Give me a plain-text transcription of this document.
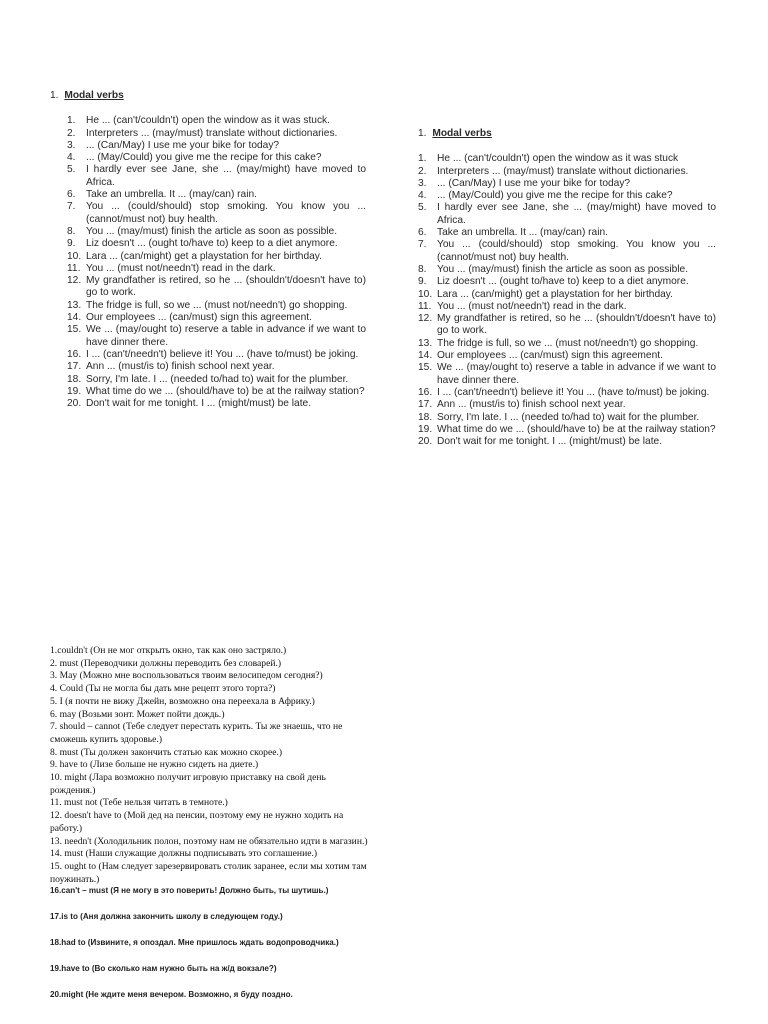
1. Modal verbs
1. He ... (can't/couldn't) open the window as it was stuck.
2. Interpreters ... (may/must) translate without dictionaries.
3. ... (Can/May) I use me your bike for today?
4. ... (May/Could) you give me the recipe for this cake?
5. I hardly ever see Jane, she ... (may/might) have moved to Africa.
6. Take an umbrella. It ... (may/can) rain.
7. You ... (could/should) stop smoking. You know you ... (cannot/must not) buy health.
8. You ... (may/must) finish the article as soon as possible.
9. Liz doesn't ... (ought to/have to) keep to a diet anymore.
10. Lara ... (can/might) get a playstation for her birthday.
11. You ... (must not/needn't) read in the dark.
12. My grandfather is retired, so he ... (shouldn't/doesn't have to) go to work.
13. The fridge is full, so we ... (must not/needn't) go shopping.
14. Our employees ... (can/must) sign this agreement.
15. We ... (may/ought to) reserve a table in advance if we want to have dinner there.
16. I ... (can't/needn't) believe it! You ... (have to/must) be joking.
17. Ann ... (must/is to) finish school next year.
18. Sorry, I'm late. I ... (needed to/had to) wait for the plumber.
19. What time do we ... (should/have to) be at the railway station?
20. Don't wait for me tonight. I ... (might/must) be late.
1. Modal verbs
1. He ... (can't/couldn't) open the window as it was stuck
2. Interpreters ... (may/must) translate without dictionaries.
3. ... (Can/May) I use me your bike for today?
4. ... (May/Could) you give me the recipe for this cake?
5. I hardly ever see Jane, she ... (may/might) have moved to Africa.
6. Take an umbrella. It ... (may/can) rain.
7. You ... (could/should) stop smoking. You know you ... (cannot/must not) buy health.
8. You ... (may/must) finish the article as soon as possible.
9. Liz doesn't ... (ought to/have to) keep to a diet anymore.
10. Lara ... (can/might) get a playstation for her birthday.
11. You ... (must not/needn't) read in the dark.
12. My grandfather is retired, so he ... (shouldn't/doesn't have to) go to work.
13. The fridge is full, so we ... (must not/needn't) go shopping.
14. Our employees ... (can/must) sign this agreement.
15. We ... (may/ought to) reserve a table in advance if we want to have dinner there.
16. I ... (can't/needn't) believe it! You ... (have to/must) be joking.
17. Ann ... (must/is to) finish school next year.
18. Sorry, I'm late. I ... (needed to/had to) wait for the plumber.
19. What time do we ... (should/have to) be at the railway station?
20. Don't wait for me tonight. I ... (might/must) be late.

1.couldn't (Он не мог открыть окно, так как оно застряло.)

2. must (Переводчики должны переводить без словарей.)

3. May (Можно мне воспользоваться твоим велосипедом сегодня?)

4. Could (Ты не могла бы дать мне рецепт этого торта?)

5. I (я почти не вижу Джейн, возможно она переехала в Африку.)

6. may (Возьми зонт. Может пойти дождь.)

7. should – cannot (Тебе следует перестать курить. Ты же знаешь, что не сможешь купить здоровье.)

8. must (Ты должен закончить статью как можно скорее.)

9. have to (Лизе больше не нужно сидеть на диете.)

10. might (Лара возможно получит игровую приставку на свой день рождения.)

11. must not (Тебе нельзя читать в темноте.)

12. doesn't have to (Мой дед на пенсии, поэтому ему не нужно ходить на работу.)

13. needn't (Холодильник полон, поэтому нам не обязательно идти в магазин.)

14. must (Наши служащие должны подписывать это соглашение.)

15. ought to (Нам следует зарезервировать столик заранее, если мы хотим там поужинать.)

16.can't – must (Я не могу в это поверить! Должно быть, ты шутишь.)

17.is to (Аня должна закончить школу в следующем году.)

18.had to (Извините, я опоздал. Мне пришлось ждать водопроводчика.)

19.have to (Во сколько нам нужно быть на ж/д вокзале?)

20.might (Не ждите меня вечером. Возможно, я буду поздно.
